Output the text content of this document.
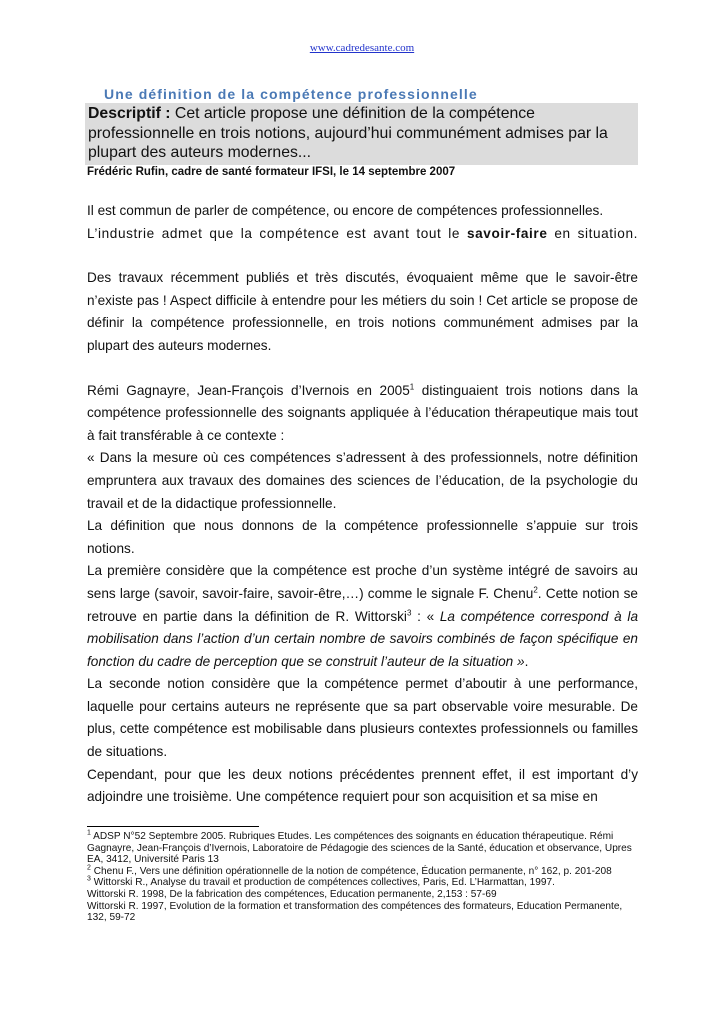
www.cadredesante.com
Une définition de la compétence professionnelle
Descriptif : Cet article propose une définition de la compétence professionnelle en trois notions, aujourd’hui communément admises par la plupart des auteurs modernes...
Frédéric Rufin, cadre de santé formateur IFSI, le 14 septembre 2007

Il est commun de parler de compétence, ou encore de compétences professionnelles.

L’industrie admet que la compétence est avant tout le savoir-faire en situation.

Des travaux récemment publiés et très discutés, évoquaient même que le savoir-être n’existe pas ! Aspect difficile à entendre pour les métiers du soin ! Cet article se propose de définir la compétence professionnelle, en trois notions communément admises par la plupart des auteurs modernes.

Rémi Gagnayre, Jean-François d’Ivernois en 2005$^1$ distinguaient trois notions dans la compétence professionnelle des soignants appliquée à l’éducation thérapeutique mais tout à fait transférable à ce contexte :

« Dans la mesure où ces compétences s’adressent à des professionnels, notre définition empruntera aux travaux des domaines des sciences de l’éducation, de la psychologie du travail et de la didactique professionnelle.

La définition que nous donnons de la compétence professionnelle s’appuie sur trois notions.

La première considère que la compétence est proche d’un système intégré de savoirs au sens large (savoir, savoir-faire, savoir-être,…) comme le signale F. Chenu$^2$. Cette notion se retrouve en partie dans la définition de R. Wittorski$^3$ : « La compétence correspond à la mobilisation dans l’action d’un certain nombre de savoirs combinés de façon spécifique en fonction du cadre de perception que se construit l’auteur de la situation ».

La seconde notion considère que la compétence permet d’aboutir à une performance, laquelle pour certains auteurs ne représente que sa part observable voire mesurable. De plus, cette compétence est mobilisable dans plusieurs contextes professionnels ou familles de situations.

Cependant, pour que les deux notions précédentes prennent effet, il est important d’y adjoindre une troisième. Une compétence requiert pour son acquisition et sa mise en

$^1$ ADSP N°52 Septembre 2005. Rubriques Etudes. Les compétences des soignants en éducation thérapeutique. Rémi Gagnayre, Jean-François d’Ivernois, Laboratoire de Pédagogie des sciences de la Santé, éducation et observance, Upres EA, 3412, Université Paris 13

$^2$ Chenu F., Vers une définition opérationnelle de la notion de compétence, Éducation permanente, n° 162, p. 201-208

$^3$ Wittorski R., Analyse du travail et production de compétences collectives, Paris, Ed. L’Harmattan, 1997.

Wittorski R. 1998, De la fabrication des compétences, Education permanente, 2,153 : 57-69

Wittorski R. 1997, Evolution de la formation et transformation des compétences des formateurs, Education Permanente, 132, 59-72
